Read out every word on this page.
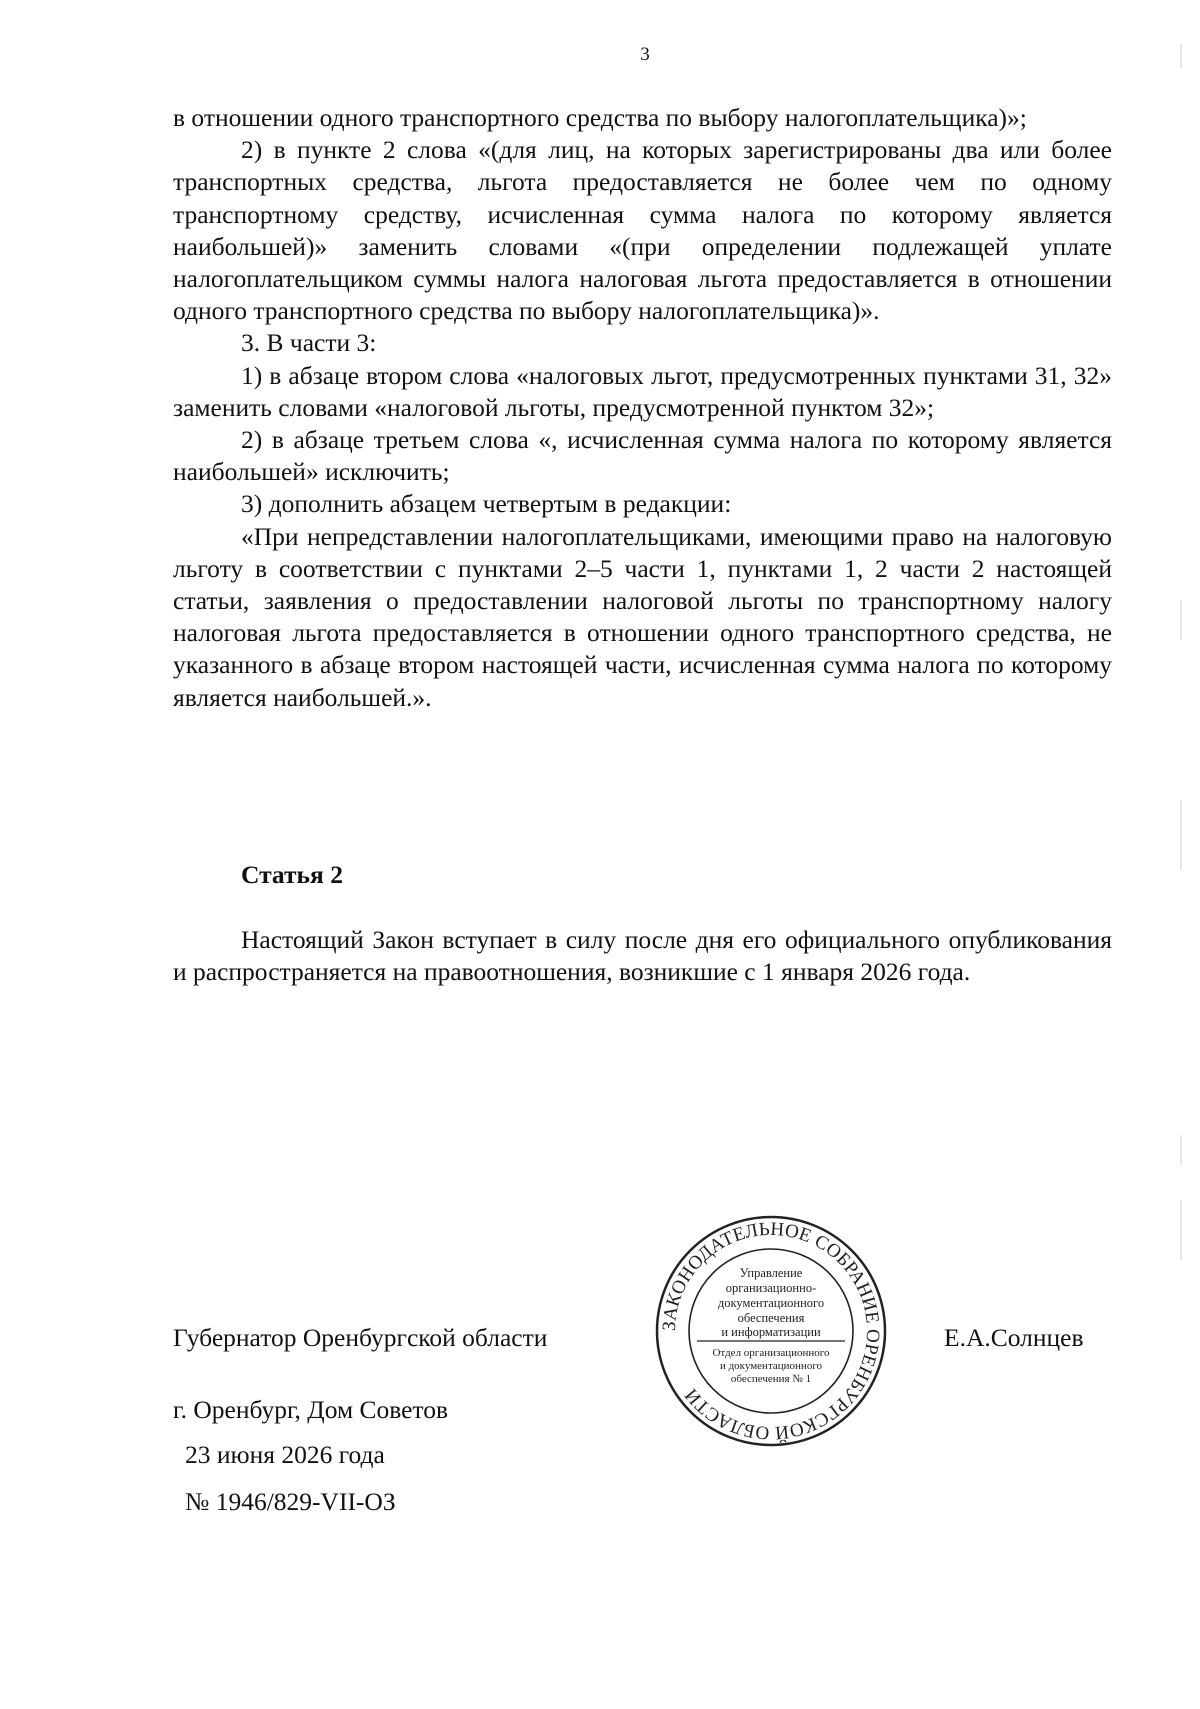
3

в отношении одного транспортного средства по выбору налогоплательщика)»;

2) в пункте 2 слова «(для лиц, на которых зарегистрированы два или более транспортных средства, льгота предоставляется не более чем по одному транспортному средству, исчисленная сумма налога по которому является наибольшей)» заменить словами «(при определении подлежащей уплате налогоплательщиком суммы налога налоговая льгота предоставляется в отношении одного транспортного средства по выбору налогоплательщика)».

3. В части 3:

1) в абзаце втором слова «налоговых льгот, предусмотренных пунктами 31, 32» заменить словами «налоговой льготы, предусмотренной пунктом 32»;

2) в абзаце третьем слова «, исчисленная сумма налога по которому является наибольшей» исключить;

3) дополнить абзацем четвертым в редакции:

«При непредставлении налогоплательщиками, имеющими право на налоговую льготу в соответствии с пунктами 2–5 части 1, пунктами 1, 2 части 2 настоящей статьи, заявления о предоставлении налоговой льготы по транспортному налогу налоговая льгота предоставляется в отношении одного транспортного средства, не указанного в абзаце втором настоящей части, исчисленная сумма налога по которому является наибольшей.».

Статья 2

Настоящий Закон вступает в силу после дня его официального опубликования и распространяется на правоотношения, возникшие с 1 января 2026 года.

Губернатор Оренбургской области	ЗАКОНОДАТЕЛЬНОЕ СОБРАНИЕ ОРЕНБУРГСКОЙ ОБЛАСТИ
Управление
организационно-
документационного
обеспечения
и информатизации
Отдел организационного
и документационного
обеспечения № 1
Е.А.Солнцев
г. Оренбург, Дом Советов
23 июня 2026 года
№ 1946/829-VII-ОЗ
